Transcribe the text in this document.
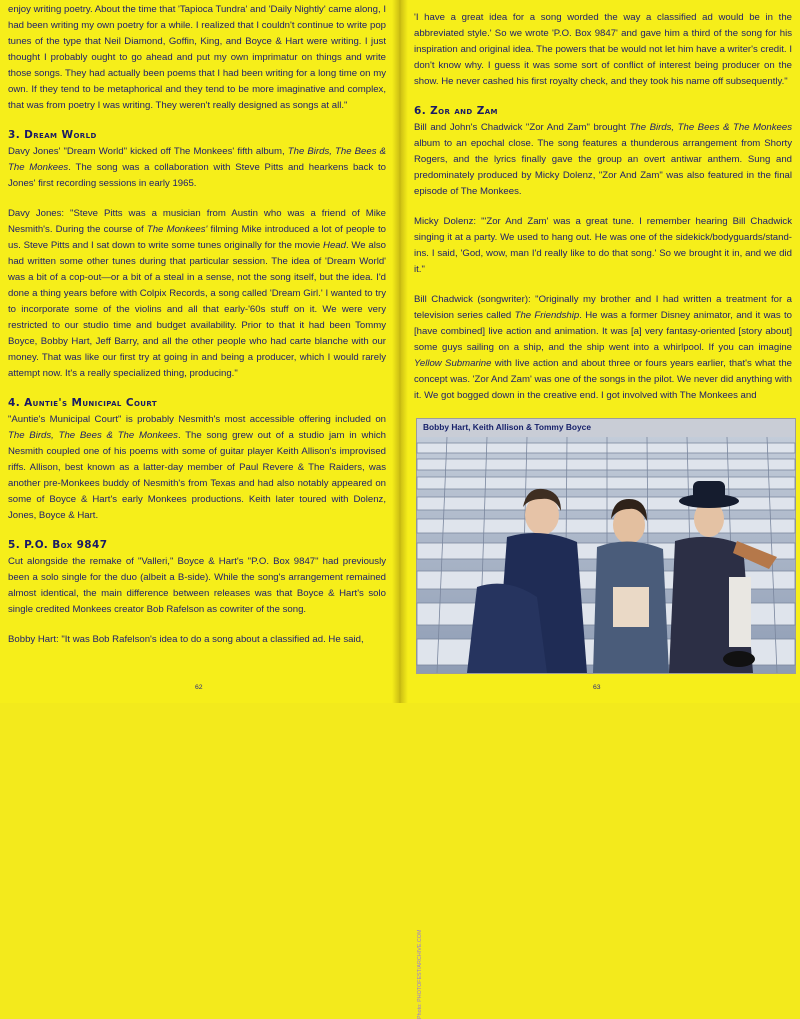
enjoy writing poetry. About the time that 'Tapioca Tundra' and 'Daily Nightly' came along, I had been writing my own poetry for a while. I realized that I couldn't continue to write pop tunes of the type that Neil Diamond, Goffin, King, and Boyce & Hart were writing. I just thought I probably ought to go ahead and put my own imprimatur on things and write those songs. They had actually been poems that I had been writing for a long time on my own. If they tend to be metaphorical and they tend to be more imaginative and complex, that was from poetry I was writing. They weren't really designed as songs at all."

3. Dream World

Davy Jones' "Dream World" kicked off The Monkees' fifth album, The Birds, The Bees & The Monkees. The song was a collaboration with Steve Pitts and hearkens back to Jones' first recording sessions in early 1965.

Davy Jones: "Steve Pitts was a musician from Austin who was a friend of Mike Nesmith's. During the course of The Monkees' filming Mike introduced a lot of people to us. Steve Pitts and I sat down to write some tunes originally for the movie Head. We also had written some other tunes during that particular session. The idea of 'Dream World' was a bit of a cop-out—or a bit of a steal in a sense, not the song itself, but the idea. I'd done a thing years before with Colpix Records, a song called 'Dream Girl.' I wanted to try to incorporate some of the violins and all that early-'60s stuff on it. We were very restricted to our studio time and budget availability. Prior to that it had been Tommy Boyce, Bobby Hart, Jeff Barry, and all the other people who had carte blanche with our money. That was like our first try at going in and being a producer, which I would rarely attempt now. It's a really specialized thing, producing."

4. Auntie's Municipal Court

"Auntie's Municipal Court" is probably Nesmith's most accessible offering included on The Birds, The Bees & The Monkees. The song grew out of a studio jam in which Nesmith coupled one of his poems with some of guitar player Keith Allison's improvised riffs. Allison, best known as a latter-day member of Paul Revere & The Raiders, was another pre-Monkees buddy of Nesmith's from Texas and had also notably appeared on some of Boyce & Hart's early Monkees productions. Keith later toured with Dolenz, Jones, Boyce & Hart.

5. P.O. Box 9847

Cut alongside the remake of "Valleri," Boyce & Hart's "P.O. Box 9847" had previously been a solo single for the duo (albeit a B-side). While the song's arrangement remained almost identical, the main difference between releases was that Boyce & Hart's solo single credited Monkees creator Bob Rafelson as cowriter of the song.

Bobby Hart: "It was Bob Rafelson's idea to do a song about a classified ad. He said,

62

'I have a great idea for a song worded the way a classified ad would be in the abbreviated style.' So we wrote 'P.O. Box 9847' and gave him a third of the song for his inspiration and original idea. The powers that be would not let him have a writer's credit. I don't know why. I guess it was some sort of conflict of interest being producer on the show. He never cashed his first royalty check, and they took his name off subsequently."

6. Zor and Zam

Bill and John's Chadwick "Zor And Zam" brought The Birds, The Bees & The Monkees album to an epochal close. The song features a thunderous arrangement from Shorty Rogers, and the lyrics finally gave the group an overt antiwar anthem. Sung and predominately produced by Micky Dolenz, "Zor And Zam" was also featured in the final episode of The Monkees.

Micky Dolenz: "'Zor And Zam' was a great tune. I remember hearing Bill Chadwick singing it at a party. We used to hang out. He was one of the sidekick/bodyguards/stand-ins. I said, 'God, wow, man I'd really like to do that song.' So we brought it in, and we did it."

Bill Chadwick (songwriter): "Originally my brother and I had written a treatment for a television series called The Friendship. He was a former Disney animator, and it was to [have combined] live action and animation. It was [a] very fantasy-oriented [story about] some guys sailing on a ship, and the ship went into a whirlpool. If you can imagine Yellow Submarine with live action and about three or fours years earlier, that's what the concept was. 'Zor And Zam' was one of the songs in the pilot. We never did anything with it. We got bogged down in the creative end. I got involved with The Monkees and

Bobby Hart, Keith Allison & Tommy Boyce
Photo: PHOTOFEST/ARCHIVE.COM
63
